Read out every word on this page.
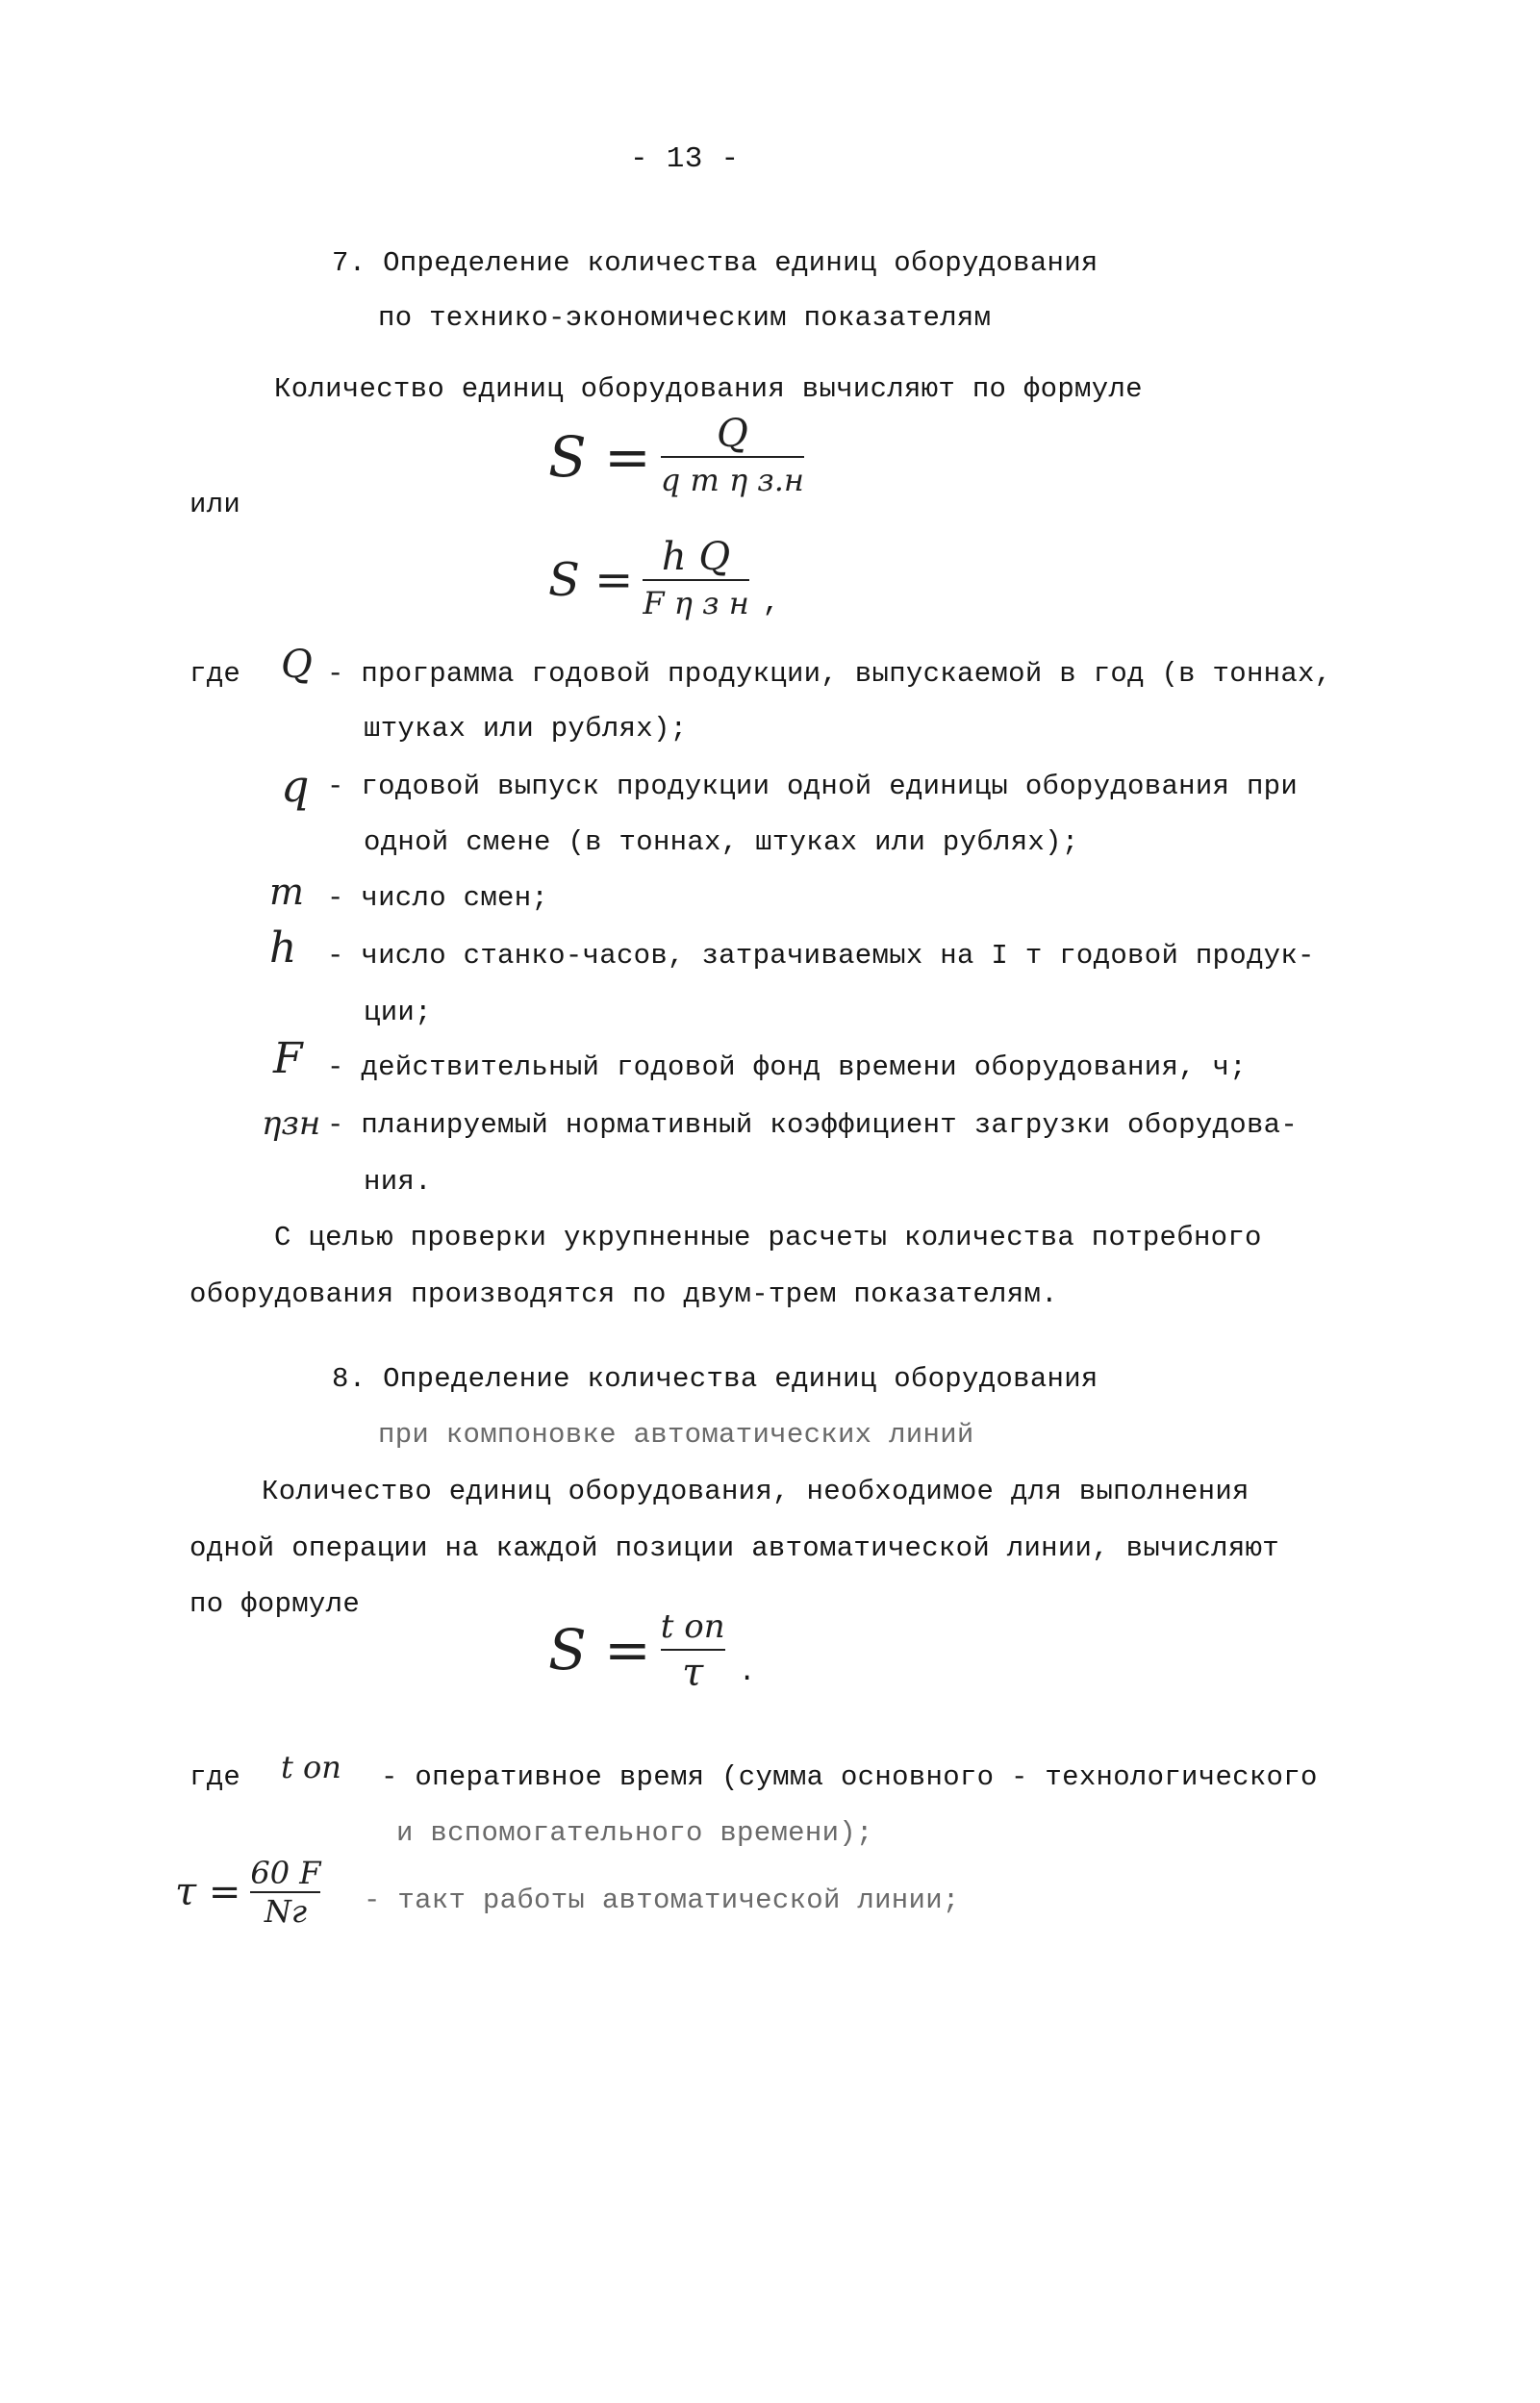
- 13 -
7. Определение количества единиц оборудования
по технико-экономическим показателям
Количество единиц оборудования вычисляют по формуле
$S = \frac{Q}{\text{q m η з.н}}$
или
$S = \frac{\text{h Q}}{\text{F η з н}}$ ,
где Q - программа годовой продукции, выпускаемой в год (в тоннах,
штуках или рублях);
q - годовой выпуск продукции одной единицы оборудования при
одной смене (в тоннах, штуках или рублях);
m - число смен;
h - число станко-часов, затрачиваемых на I т годовой продук-
ции;
F - действительный годовой фонд времени оборудования, ч;
ηзн - планируемый нормативный коэффициент загрузки оборудова-
ния.
С целью проверки укрупненные расчеты количества потребного
оборудования производятся по двум-трем показателям.
8. Определение количества единиц оборудования
при компоновке автоматических линий
Количество единиц оборудования, необходимое для выполнения
одной операции на каждой позиции автоматической линии, вычисляют
по формуле
$S = \frac{\text{t оп}}{\tau}$ .
где t оп - оперативное время (сумма основного - технологического
и вспомогательного времени);
$\tau = \frac{60 F}{Nг}$ - такт работы автоматической линии;
